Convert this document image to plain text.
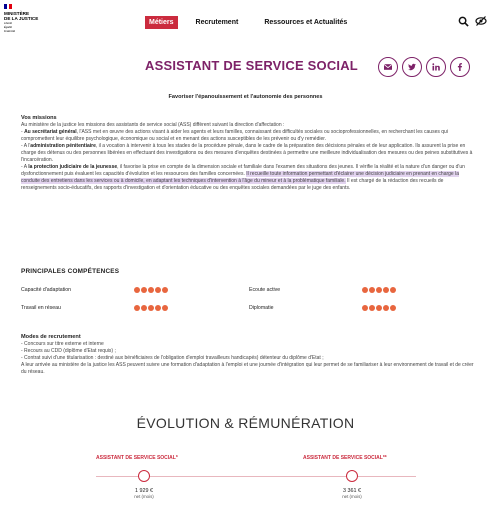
MINISTÈRE
DE LA JUSTICE
Liberté
Égalité
Fraternité
Métiers	Recrutement	Ressources et Actualités
ASSISTANT DE SERVICE SOCIAL
Favoriser l'épanouissement et l'autonomie des personnes
Vos missions

Au ministère de la justice les missions des assistants de service social (ASS) diffèrent suivant la direction d'affectation :

- Au secrétariat général, l'ASS met en œuvre des actions visant à aider les agents et leurs familles, connaissant des difficultés sociales ou socioprofessionnelles, en recherchant les causes qui compromettent leur équilibre psychologique, économique ou social et en menant des actions susceptibles de les prévenir ou d'y remédier.

- A l'administration pénitentiaire, il a vocation à intervenir à tous les stades de la procédure pénale, dans le cadre de la préparation des décisions pénales et de leur application. Ils assurent la prise en charge des détenus ou des personnes libérées en effectuant des investigations ou des mesures d'enquêtes destinées à permettre une meilleure individualisation des mesures ou des peines substitutives à l'incarcération.

- A la protection judiciaire de la jeunesse, il favorise la prise en compte de la dimension sociale et familiale dans l'examen des situations des jeunes. Il vérifie la réalité et la nature d'un danger ou d'un dysfonctionnement puis évaluent les capacités d'évolution et les ressources des familles concernées. Il recueille toute information permettant d'éclairer une décision judiciaire en prenant en charge la conduite des entretiens dans les services ou à domicile, en adaptant les techniques d'intervention à l'âge du mineur et à la problématique familiale. Il est chargé de la rédaction des recueils de renseignements socio-éducatifs, des rapports d'investigation et d'orientation éducative ou des enquêtes sociales demandées par le juge des enfants.

PRINCIPALES COMPÉTENCES
Capacité d'adaptation	Ecoute active
Travail en réseau	Diplomatie
Modes de recrutement

- Concours sur titre externe et interne

- Recours au CDD (diplôme d'Etat requis) ;

- Contrat suivi d'une titularisation : destiné aux bénéficiaires de l'obligation d'emploi travailleurs handicapés) détenteur du diplôme d'Etat ;

A leur arrivée au ministère de la justice les ASS peuvent suivre une formation d'adaptation à l'emploi et une journée d'intégration qui leur permet de se familiariser à leur environnement de travail et de créer du réseau.

ÉVOLUTION & RÉMUNÉRATION
ASSISTANT DE SERVICE SOCIAL*	ASSISTANT DE SERVICE SOCIAL**
1 929 €
net (mois)
3 361 €
net (mois)
